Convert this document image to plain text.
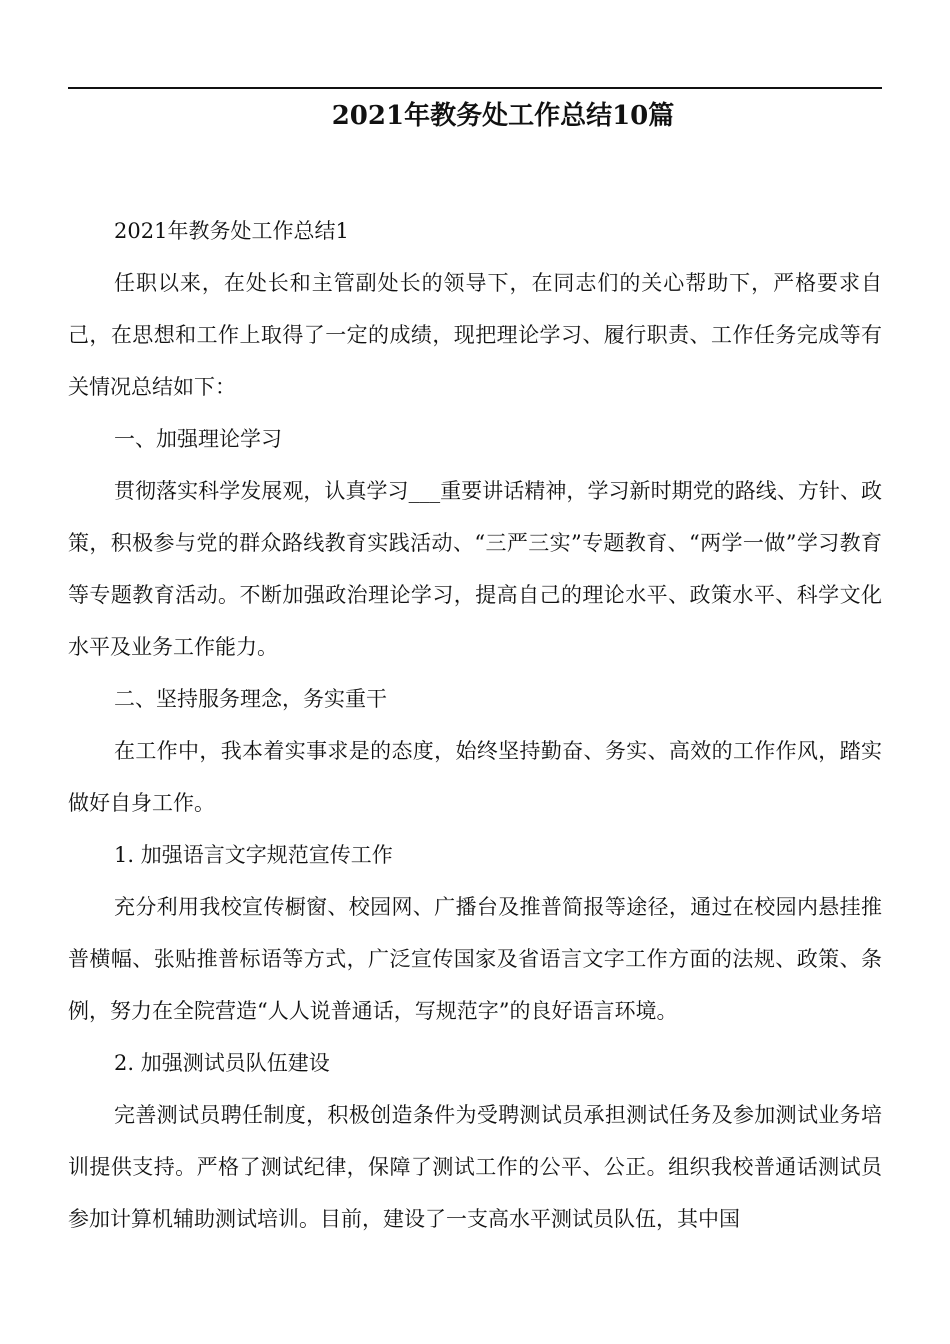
2021年教务处工作总结10篇

2021年教务处工作总结1

任职以来，在处长和主管副处长的领导下，在同志们的关心帮助下，严格要求自己，在思想和工作上取得了一定的成绩，现把理论学习、履行职责、工作任务完成等有关情况总结如下：

一、加强理论学习

贯彻落实科学发展观，认真学习___重要讲话精神，学习新时期党的路线、方针、政策，积极参与党的群众路线教育实践活动、“三严三实”专题教育、“两学一做”学习教育等专题教育活动。不断加强政治理论学习，提高自己的理论水平、政策水平、科学文化水平及业务工作能力。

二、坚持服务理念，务实重干

在工作中，我本着实事求是的态度，始终坚持勤奋、务实、高效的工作作风，踏实做好自身工作。

1. 加强语言文字规范宣传工作

充分利用我校宣传橱窗、校园网、广播台及推普简报等途径，通过在校园内悬挂推普横幅、张贴推普标语等方式，广泛宣传国家及省语言文字工作方面的法规、政策、条例，努力在全院营造“人人说普通话，写规范字”的良好语言环境。

2. 加强测试员队伍建设

完善测试员聘任制度，积极创造条件为受聘测试员承担测试任务及参加测试业务培训提供支持。严格了测试纪律，保障了测试工作的公平、公正。组织我校普通话测试员参加计算机辅助测试培训。目前，建设了一支高水平测试员队伍，其中国
